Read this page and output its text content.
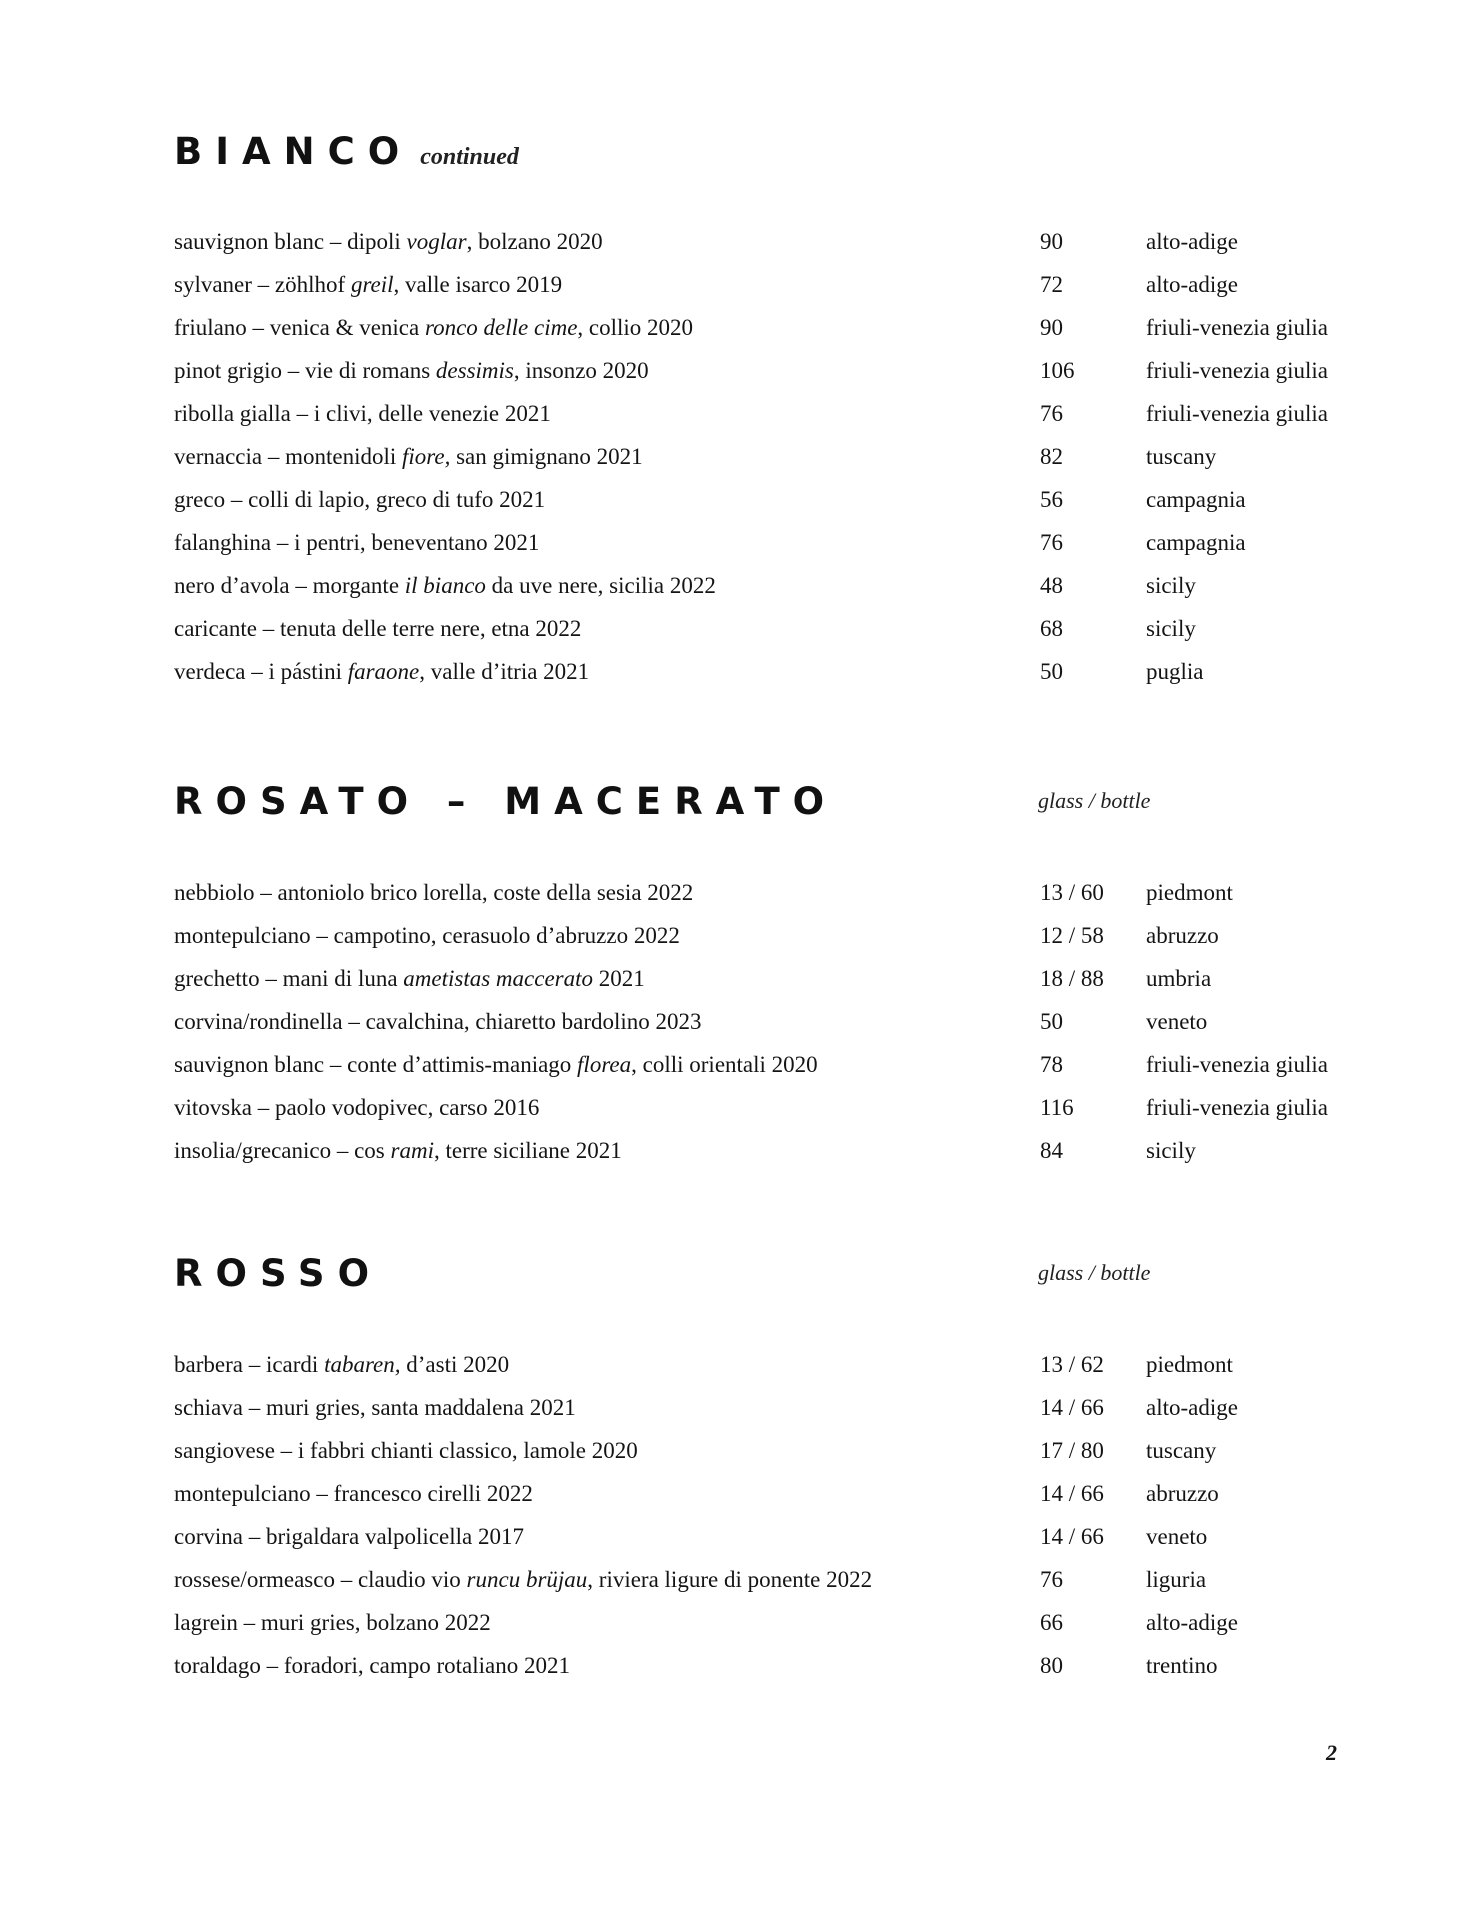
BIANCO continued
sauvignon blanc – dipoli voglar, bolzano 2020	90	alto-adige
sylvaner – zöhlhof greil, valle isarco 2019	72	alto-adige
friulano – venica & venica ronco delle cime, collio 2020	90	friuli-venezia giulia
pinot grigio – vie di romans dessimis, insonzo 2020	106	friuli-venezia giulia
ribolla gialla – i clivi, delle venezie 2021	76	friuli-venezia giulia
vernaccia – montenidoli fiore, san gimignano 2021	82	tuscany
greco – colli di lapio, greco di tufo 2021	56	campagnia
falanghina – i pentri, beneventano 2021	76	campagnia
nero d’avola – morgante il bianco da uve nere, sicilia 2022	48	sicily
caricante – tenuta delle terre nere, etna 2022	68	sicily
verdeca – i pástini faraone, valle d’itria 2021	50	puglia
ROSATO – MACERATO	glass / bottle
nebbiolo – antoniolo brico lorella, coste della sesia 2022	13 / 60 piedmont
montepulciano – campotino, cerasuolo d’abruzzo 2022	12 / 58 abruzzo
grechetto – mani di luna ametistas maccerato 2021	18 / 88 umbria
corvina/rondinella – cavalchina, chiaretto bardolino 2023	50	veneto
sauvignon blanc – conte d’attimis-maniago florea, colli orientali 2020	78	friuli-venezia giulia
vitovska – paolo vodopivec, carso 2016	116	friuli-venezia giulia
insolia/grecanico – cos rami, terre siciliane 2021	84	sicily
ROSSO	glass / bottle
barbera – icardi tabaren, d’asti 2020	13 / 62 piedmont
schiava – muri gries, santa maddalena 2021	14 / 66 alto-adige
sangiovese – i fabbri chianti classico, lamole 2020	17 / 80 tuscany
montepulciano – francesco cirelli 2022	14 / 66 abruzzo
corvina – brigaldara valpolicella 2017	14 / 66 veneto
rossese/ormeasco – claudio vio runcu brüjau, riviera ligure di ponente 2022	76	liguria
lagrein – muri gries, bolzano 2022	66	alto-adige
toraldago – foradori, campo rotaliano 2021	80	trentino
2
